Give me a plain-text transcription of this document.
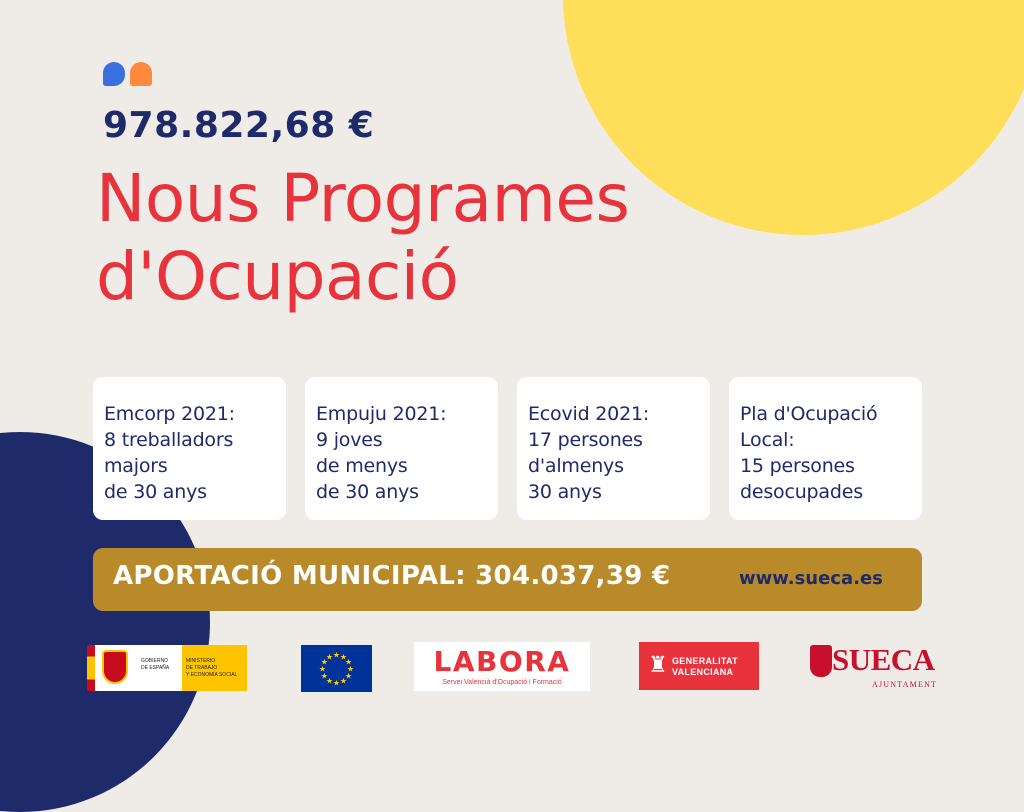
978.822,68 €
Nous Programes
d'Ocupació
Emcorp 2021:
8 treballadors
majors
de 30 anys
Empuju 2021:
9 joves
de menys
de 30 anys
Ecovid 2021:
17 persones
d'almenys
30 anys
Pla d'Ocupació
Local:
15 persones
desocupades
APORTACIÓ MUNICIPAL: 304.037,39 €	www.sueca.es
GOBIERNO
DE ESPAÑA
MINISTERIO
DE TRABAJO
Y ECONOMÍA SOCIAL
★ ★
★
★
★
★
★
★
★
★
★
★	LABORA
Servei Valencià d'Ocupació i Formació
♜ GENERALITAT
VALENCIANA	SUECA
AJUNTAMENT
